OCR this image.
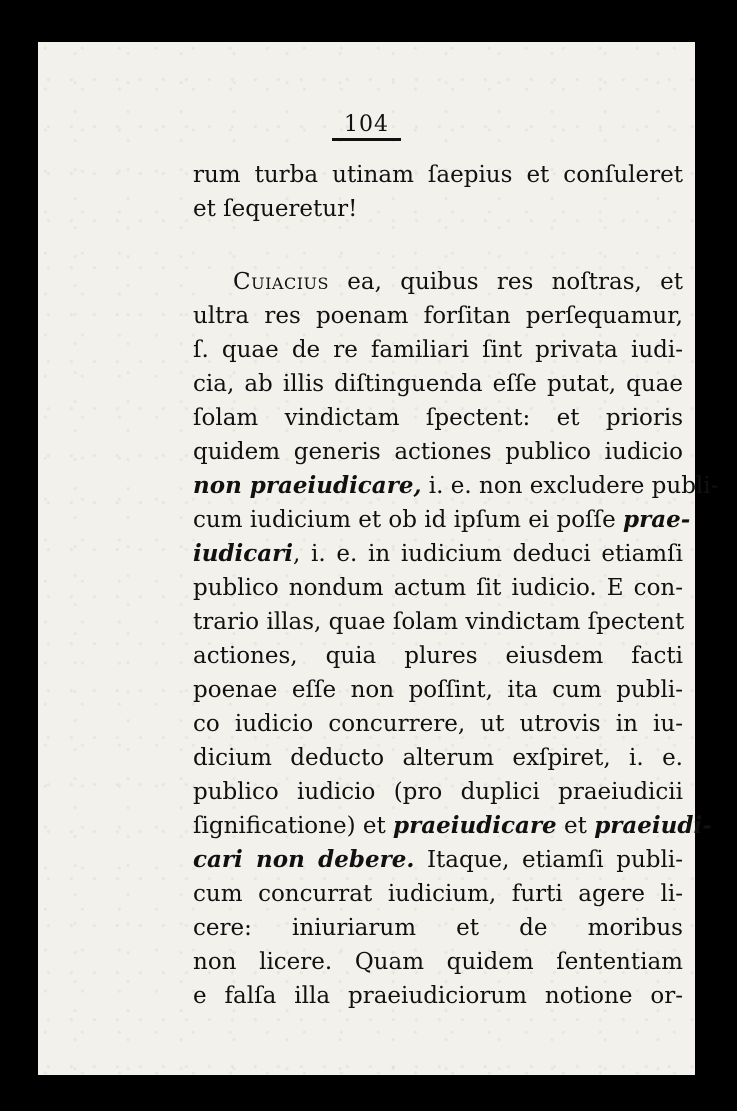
104
rum turba utinam ſaepius et conſuleret
et ſequeretur!
Cuiacius ea, quibus res noſtras, et
ultra res poenam forſitan perſequamur,
ſ. quae de re familiari ſint privata iudi-
cia, ab illis diſtinguenda eſſe putat, quae
ſolam vindictam ſpectent: et prioris
quidem generis actiones publico iudicio
non praeiudicare, i. e. non excludere publi-
cum iudicium et ob id ipſum ei poſſe prae-
iudicari, i. e. in iudicium deduci etiamſi
publico nondum actum ſit iudicio. E con-
trario illas, quae ſolam vindictam ſpectent
actiones, quia plures eiusdem facti
poenae eſſe non poſſint, ita cum publi-
co iudicio concurrere, ut utrovis in iu-
dicium deducto alterum exſpiret, i. e.
publico iudicio (pro duplici praeiudicii
ſignificatione) et praeiudicare et praeiudi-
cari non debere. Itaque, etiamſi publi-
cum concurrat iudicium, furti agere li-
cere: iniuriarum et de moribus
non licere. Quam quidem ſententiam
e falſa illa praeiudiciorum notione or-
